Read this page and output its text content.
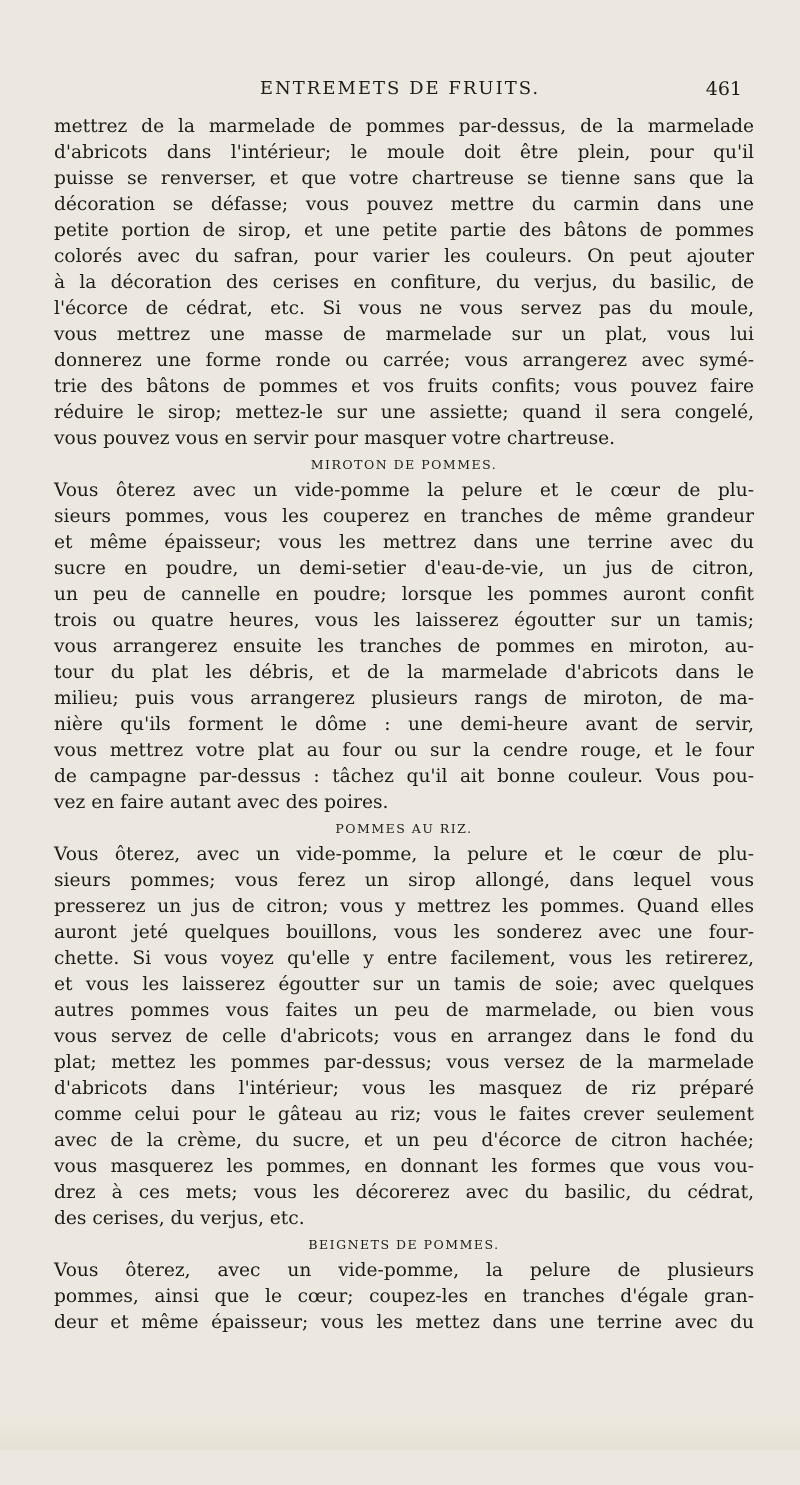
ENTREMETS DE FRUITS.	461
mettrez de la marmelade de pommes par-dessus, de la marmelade
d'abricots dans l'intérieur; le moule doit être plein, pour qu'il
puisse se renverser, et que votre chartreuse se tienne sans que la
décoration se défasse; vous pouvez mettre du carmin dans une
petite portion de sirop, et une petite partie des bâtons de pommes
colorés avec du safran, pour varier les couleurs. On peut ajouter
à la décoration des cerises en confiture, du verjus, du basilic, de
l'écorce de cédrat, etc. Si vous ne vous servez pas du moule,
vous mettrez une masse de marmelade sur un plat, vous lui
donnerez une forme ronde ou carrée; vous arrangerez avec symé-
trie des bâtons de pommes et vos fruits confits; vous pouvez faire
réduire le sirop; mettez-le sur une assiette; quand il sera congelé,
vous pouvez vous en servir pour masquer votre chartreuse.
MIROTON DE POMMES.
Vous ôterez avec un vide-pomme la pelure et le cœur de plu-
sieurs pommes, vous les couperez en tranches de même grandeur
et même épaisseur; vous les mettrez dans une terrine avec du
sucre en poudre, un demi-setier d'eau-de-vie, un jus de citron,
un peu de cannelle en poudre; lorsque les pommes auront confit
trois ou quatre heures, vous les laisserez égoutter sur un tamis;
vous arrangerez ensuite les tranches de pommes en miroton, au-
tour du plat les débris, et de la marmelade d'abricots dans le
milieu; puis vous arrangerez plusieurs rangs de miroton, de ma-
nière qu'ils forment le dôme : une demi-heure avant de servir,
vous mettrez votre plat au four ou sur la cendre rouge, et le four
de campagne par-dessus : tâchez qu'il ait bonne couleur. Vous pou-
vez en faire autant avec des poires.
POMMES AU RIZ.
Vous ôterez, avec un vide-pomme, la pelure et le cœur de plu-
sieurs pommes; vous ferez un sirop allongé, dans lequel vous
presserez un jus de citron; vous y mettrez les pommes. Quand elles
auront jeté quelques bouillons, vous les sonderez avec une four-
chette. Si vous voyez qu'elle y entre facilement, vous les retirerez,
et vous les laisserez égoutter sur un tamis de soie; avec quelques
autres pommes vous faites un peu de marmelade, ou bien vous
vous servez de celle d'abricots; vous en arrangez dans le fond du
plat; mettez les pommes par-dessus; vous versez de la marmelade
d'abricots dans l'intérieur; vous les masquez de riz préparé
comme celui pour le gâteau au riz; vous le faites crever seulement
avec de la crème, du sucre, et un peu d'écorce de citron hachée;
vous masquerez les pommes, en donnant les formes que vous vou-
drez à ces mets; vous les décorerez avec du basilic, du cédrat,
des cerises, du verjus, etc.
BEIGNETS DE POMMES.
Vous ôterez, avec un vide-pomme, la pelure de plusieurs
pommes, ainsi que le cœur; coupez-les en tranches d'égale gran-
deur et même épaisseur; vous les mettez dans une terrine avec du
